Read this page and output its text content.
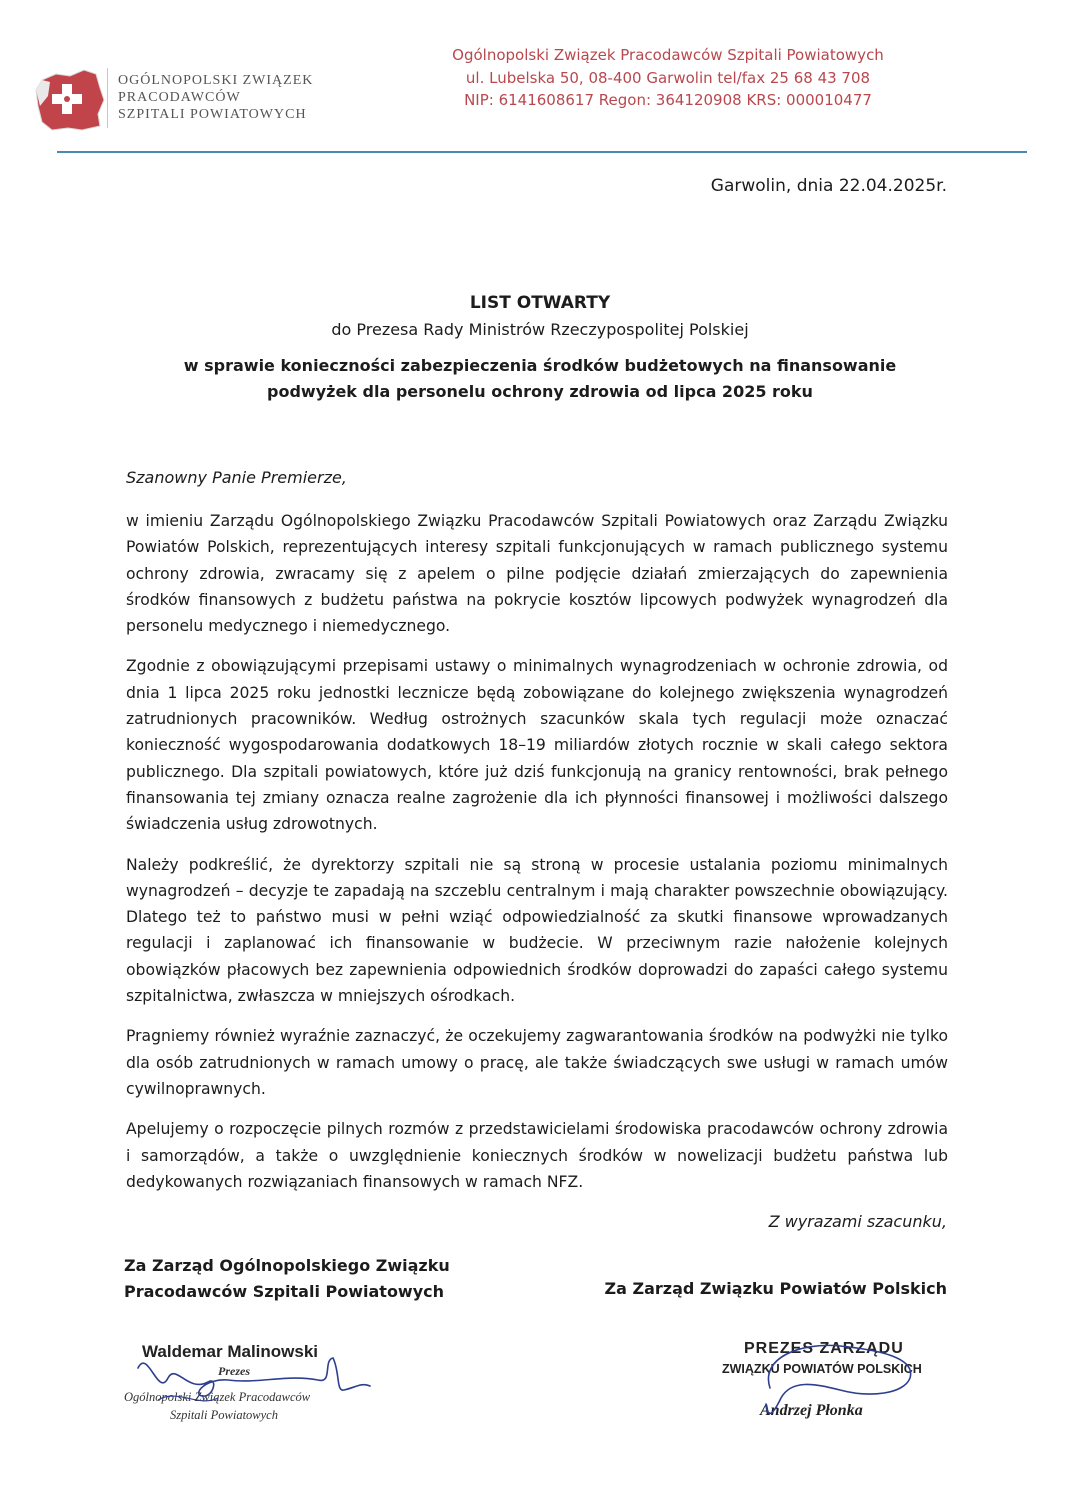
OGÓLNOPOLSKI ZWIĄZEK
PRACODAWCÓW
SZPITALI POWIATOWYCH
Ogólnopolski Związek Pracodawców Szpitali Powiatowych
ul. Lubelska 50, 08-400 Garwolin tel/fax 25 68 43 708
NIP: 6141608617 Regon: 364120908 KRS: 000010477
Garwolin, dnia 22.04.2025r.
LIST OTWARTY
do Prezesa Rady Ministrów Rzeczypospolitej Polskiej
w sprawie konieczności zabezpieczenia środków budżetowych na finansowanie podwyżek dla personelu ochrony zdrowia od lipca 2025 roku
Szanowny Panie Premierze,

w imieniu Zarządu Ogólnopolskiego Związku Pracodawców Szpitali Powiatowych oraz Zarządu Związku Powiatów Polskich, reprezentujących interesy szpitali funkcjonujących w ramach publicznego systemu ochrony zdrowia, zwracamy się z apelem o pilne podjęcie działań zmierzających do zapewnienia środków finansowych z budżetu państwa na pokrycie kosztów lipcowych podwyżek wynagrodzeń dla personelu medycznego i niemedycznego.

Zgodnie z obowiązującymi przepisami ustawy o minimalnych wynagrodzeniach w ochronie zdrowia, od dnia 1 lipca 2025 roku jednostki lecznicze będą zobowiązane do kolejnego zwiększenia wynagrodzeń zatrudnionych pracowników. Według ostrożnych szacunków skala tych regulacji może oznaczać konieczność wygospodarowania dodatkowych 18–19 miliardów złotych rocznie w skali całego sektora publicznego. Dla szpitali powiatowych, które już dziś funkcjonują na granicy rentowności, brak pełnego finansowania tej zmiany oznacza realne zagrożenie dla ich płynności finansowej i możliwości dalszego świadczenia usług zdrowotnych.

Należy podkreślić, że dyrektorzy szpitali nie są stroną w procesie ustalania poziomu minimalnych wynagrodzeń – decyzje te zapadają na szczeblu centralnym i mają charakter powszechnie obowiązujący. Dlatego też to państwo musi w pełni wziąć odpowiedzialność za skutki finansowe wprowadzanych regulacji i zaplanować ich finansowanie w budżecie. W przeciwnym razie nałożenie kolejnych obowiązków płacowych bez zapewnienia odpowiednich środków doprowadzi do zapaści całego systemu szpitalnictwa, zwłaszcza w mniejszych ośrodkach.

Pragniemy również wyraźnie zaznaczyć, że oczekujemy zagwarantowania środków na podwyżki nie tylko dla osób zatrudnionych w ramach umowy o pracę, ale także świadczących swe usługi w ramach umów cywilnoprawnych.

Apelujemy o rozpoczęcie pilnych rozmów z przedstawicielami środowiska pracodawców ochrony zdrowia i samorządów, a także o uwzględnienie koniecznych środków w nowelizacji budżetu państwa lub dedykowanych rozwiązaniach finansowych w ramach NFZ.

Z wyrazami szacunku,
Za Zarząd Ogólnopolskiego Związku
Pracodawców Szpitali Powiatowych	Za Zarząd Związku Powiatów Polskich
Waldemar Malinowski
Prezes
Ogólnopolski Związek Pracodawców
Szpitali Powiatowych
PREZES ZARZĄDU
ZWIĄZKU POWIATÓW POLSKICH
Andrzej Płonka
